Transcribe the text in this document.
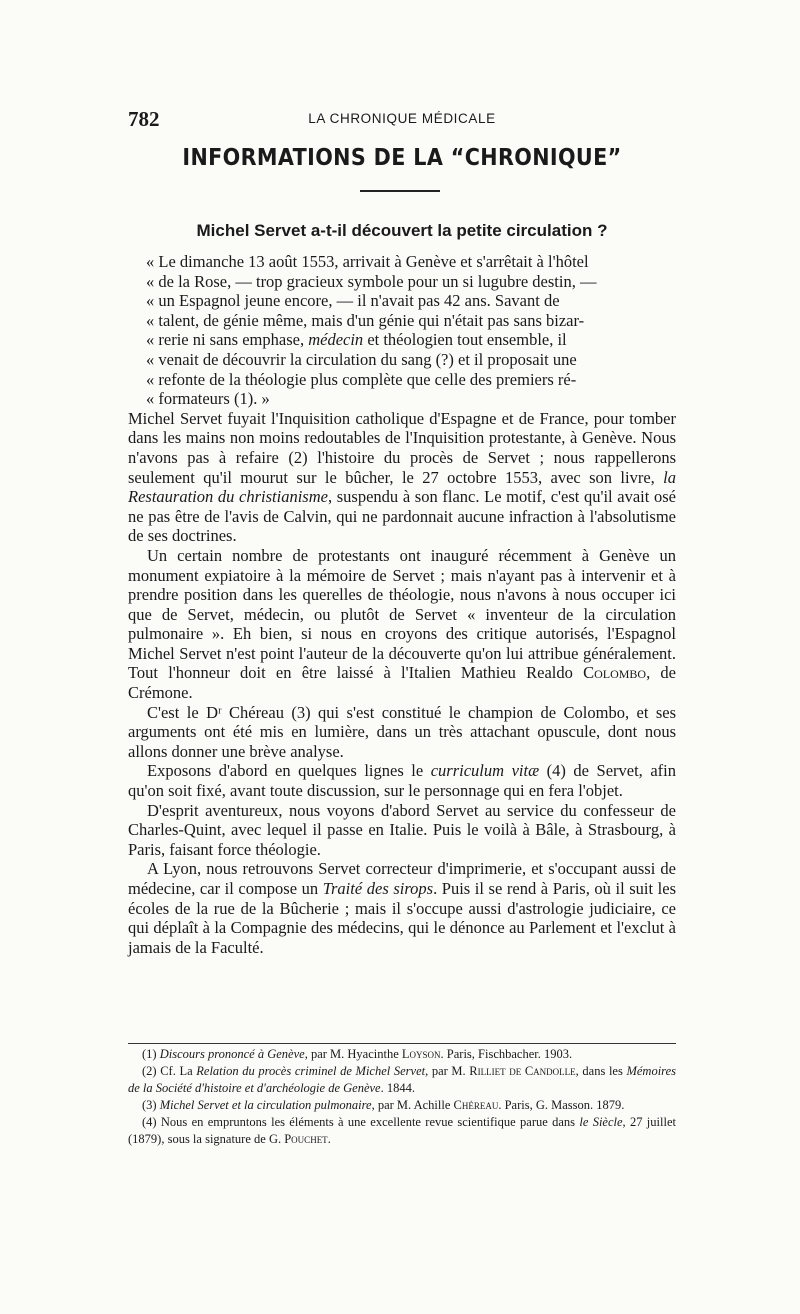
782	LA CHRONIQUE MÉDICALE
INFORMATIONS DE LA “CHRONIQUE”
Michel Servet a-t-il découvert la petite circulation ?

« Le dimanche 13 août 1553, arrivait à Genève et s'arrêtait à l'hôtel
« de la Rose, — trop gracieux symbole pour un si lugubre destin, —
« un Espagnol jeune encore, — il n'avait pas 42 ans. Savant de
« talent, de génie même, mais d'un génie qui n'était pas sans bizar-
« rerie ni sans emphase, médecin et théologien tout ensemble, il
« venait de découvrir la circulation du sang (?) et il proposait une
« refonte de la théologie plus complète que celle des premiers ré-
« formateurs (1). »

Michel Servet fuyait l'Inquisition catholique d'Espagne et de France, pour tomber dans les mains non moins redoutables de l'Inquisition protestante, à Genève. Nous n'avons pas à refaire (2) l'histoire du procès de Servet ; nous rappellerons seulement qu'il mourut sur le bûcher, le 27 octobre 1553, avec son livre, la Restauration du christianisme, suspendu à son flanc. Le motif, c'est qu'il avait osé ne pas être de l'avis de Calvin, qui ne pardonnait aucune infraction à l'absolutisme de ses doctrines.

Un certain nombre de protestants ont inauguré récemment à Genève un monument expiatoire à la mémoire de Servet ; mais n'ayant pas à intervenir et à prendre position dans les querelles de théologie, nous n'avons à nous occuper ici que de Servet, médecin, ou plutôt de Servet « inventeur de la circulation pulmonaire ». Eh bien, si nous en croyons des critique autorisés, l'Espagnol Michel Servet n'est point l'auteur de la découverte qu'on lui attribue généralement. Tout l'honneur doit en être laissé à l'Italien Mathieu Realdo Colombo, de Crémone.

C'est le Dʳ Chéreau (3) qui s'est constitué le champion de Colombo, et ses arguments ont été mis en lumière, dans un très attachant opuscule, dont nous allons donner une brève analyse.

Exposons d'abord en quelques lignes le curriculum vitæ (4) de Servet, afin qu'on soit fixé, avant toute discussion, sur le personnage qui en fera l'objet.

D'esprit aventureux, nous voyons d'abord Servet au service du confesseur de Charles-Quint, avec lequel il passe en Italie. Puis le voilà à Bâle, à Strasbourg, à Paris, faisant force théologie.

A Lyon, nous retrouvons Servet correcteur d'imprimerie, et s'occupant aussi de médecine, car il compose un Traité des sirops. Puis il se rend à Paris, où il suit les écoles de la rue de la Bûcherie ; mais il s'occupe aussi d'astrologie judiciaire, ce qui déplaît à la Compagnie des médecins, qui le dénonce au Parlement et l'exclut à jamais de la Faculté.

(1) Discours prononcé à Genève, par M. Hyacinthe Loyson. Paris, Fischbacher. 1903.

(2) Cf. La Relation du procès criminel de Michel Servet, par M. Rilliet de Candolle, dans les Mémoires de la Société d'histoire et d'archéologie de Genève. 1844.

(3) Michel Servet et la circulation pulmonaire, par M. Achille Chéreau. Paris, G. Masson. 1879.

(4) Nous en empruntons les éléments à une excellente revue scientifique parue dans le Siècle, 27 juillet (1879), sous la signature de G. Pouchet.
